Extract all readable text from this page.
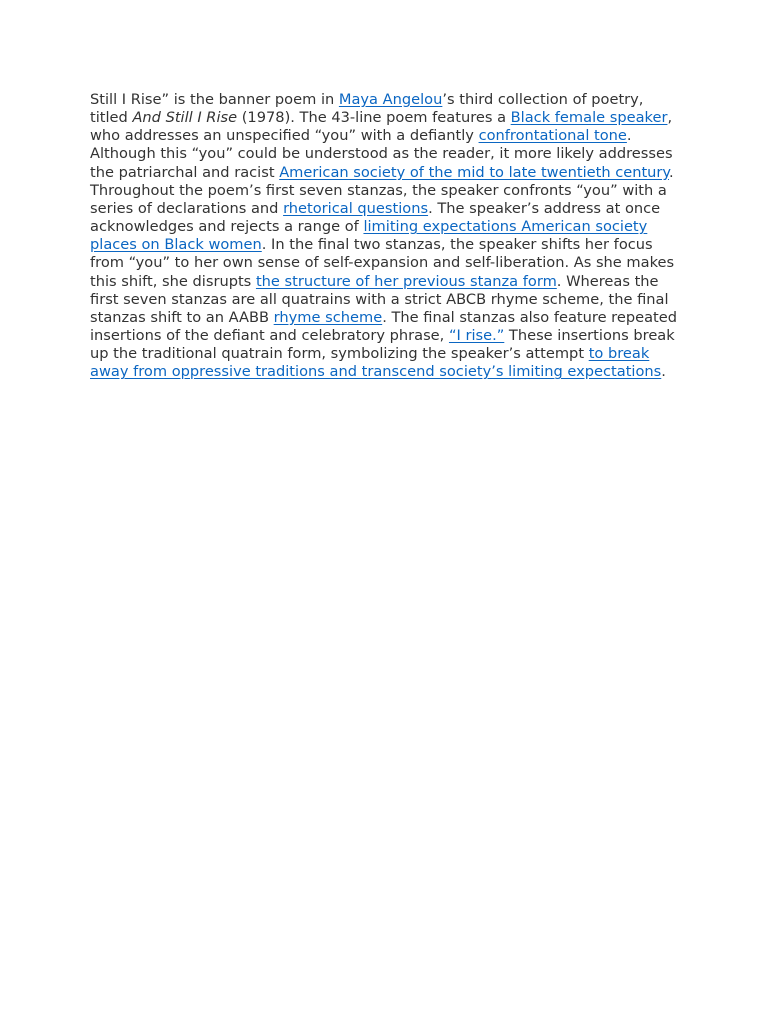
Still I Rise” is the banner poem in Maya Angelou’s third collection of poetry, titled And Still I Rise (1978). The 43-line poem features a Black female speaker, who addresses an unspecified “you” with a defiantly confrontational tone. Although this “you” could be understood as the reader, it more likely addresses the patriarchal and racist American society of the mid to late twentieth century. Throughout the poem’s first seven stanzas, the speaker confronts “you” with a series of declarations and rhetorical questions. The speaker’s address at once acknowledges and rejects a range of limiting expectations American society places on Black women. In the final two stanzas, the speaker shifts her focus from “you” to her own sense of self-expansion and self-liberation. As she makes this shift, she disrupts the structure of her previous stanza form. Whereas the first seven stanzas are all quatrains with a strict ABCB rhyme scheme, the final stanzas shift to an AABB rhyme scheme. The final stanzas also feature repeated insertions of the defiant and celebratory phrase, “I rise.” These insertions break up the traditional quatrain form, symbolizing the speaker’s attempt to break away from oppressive traditions and transcend society’s limiting expectations.
